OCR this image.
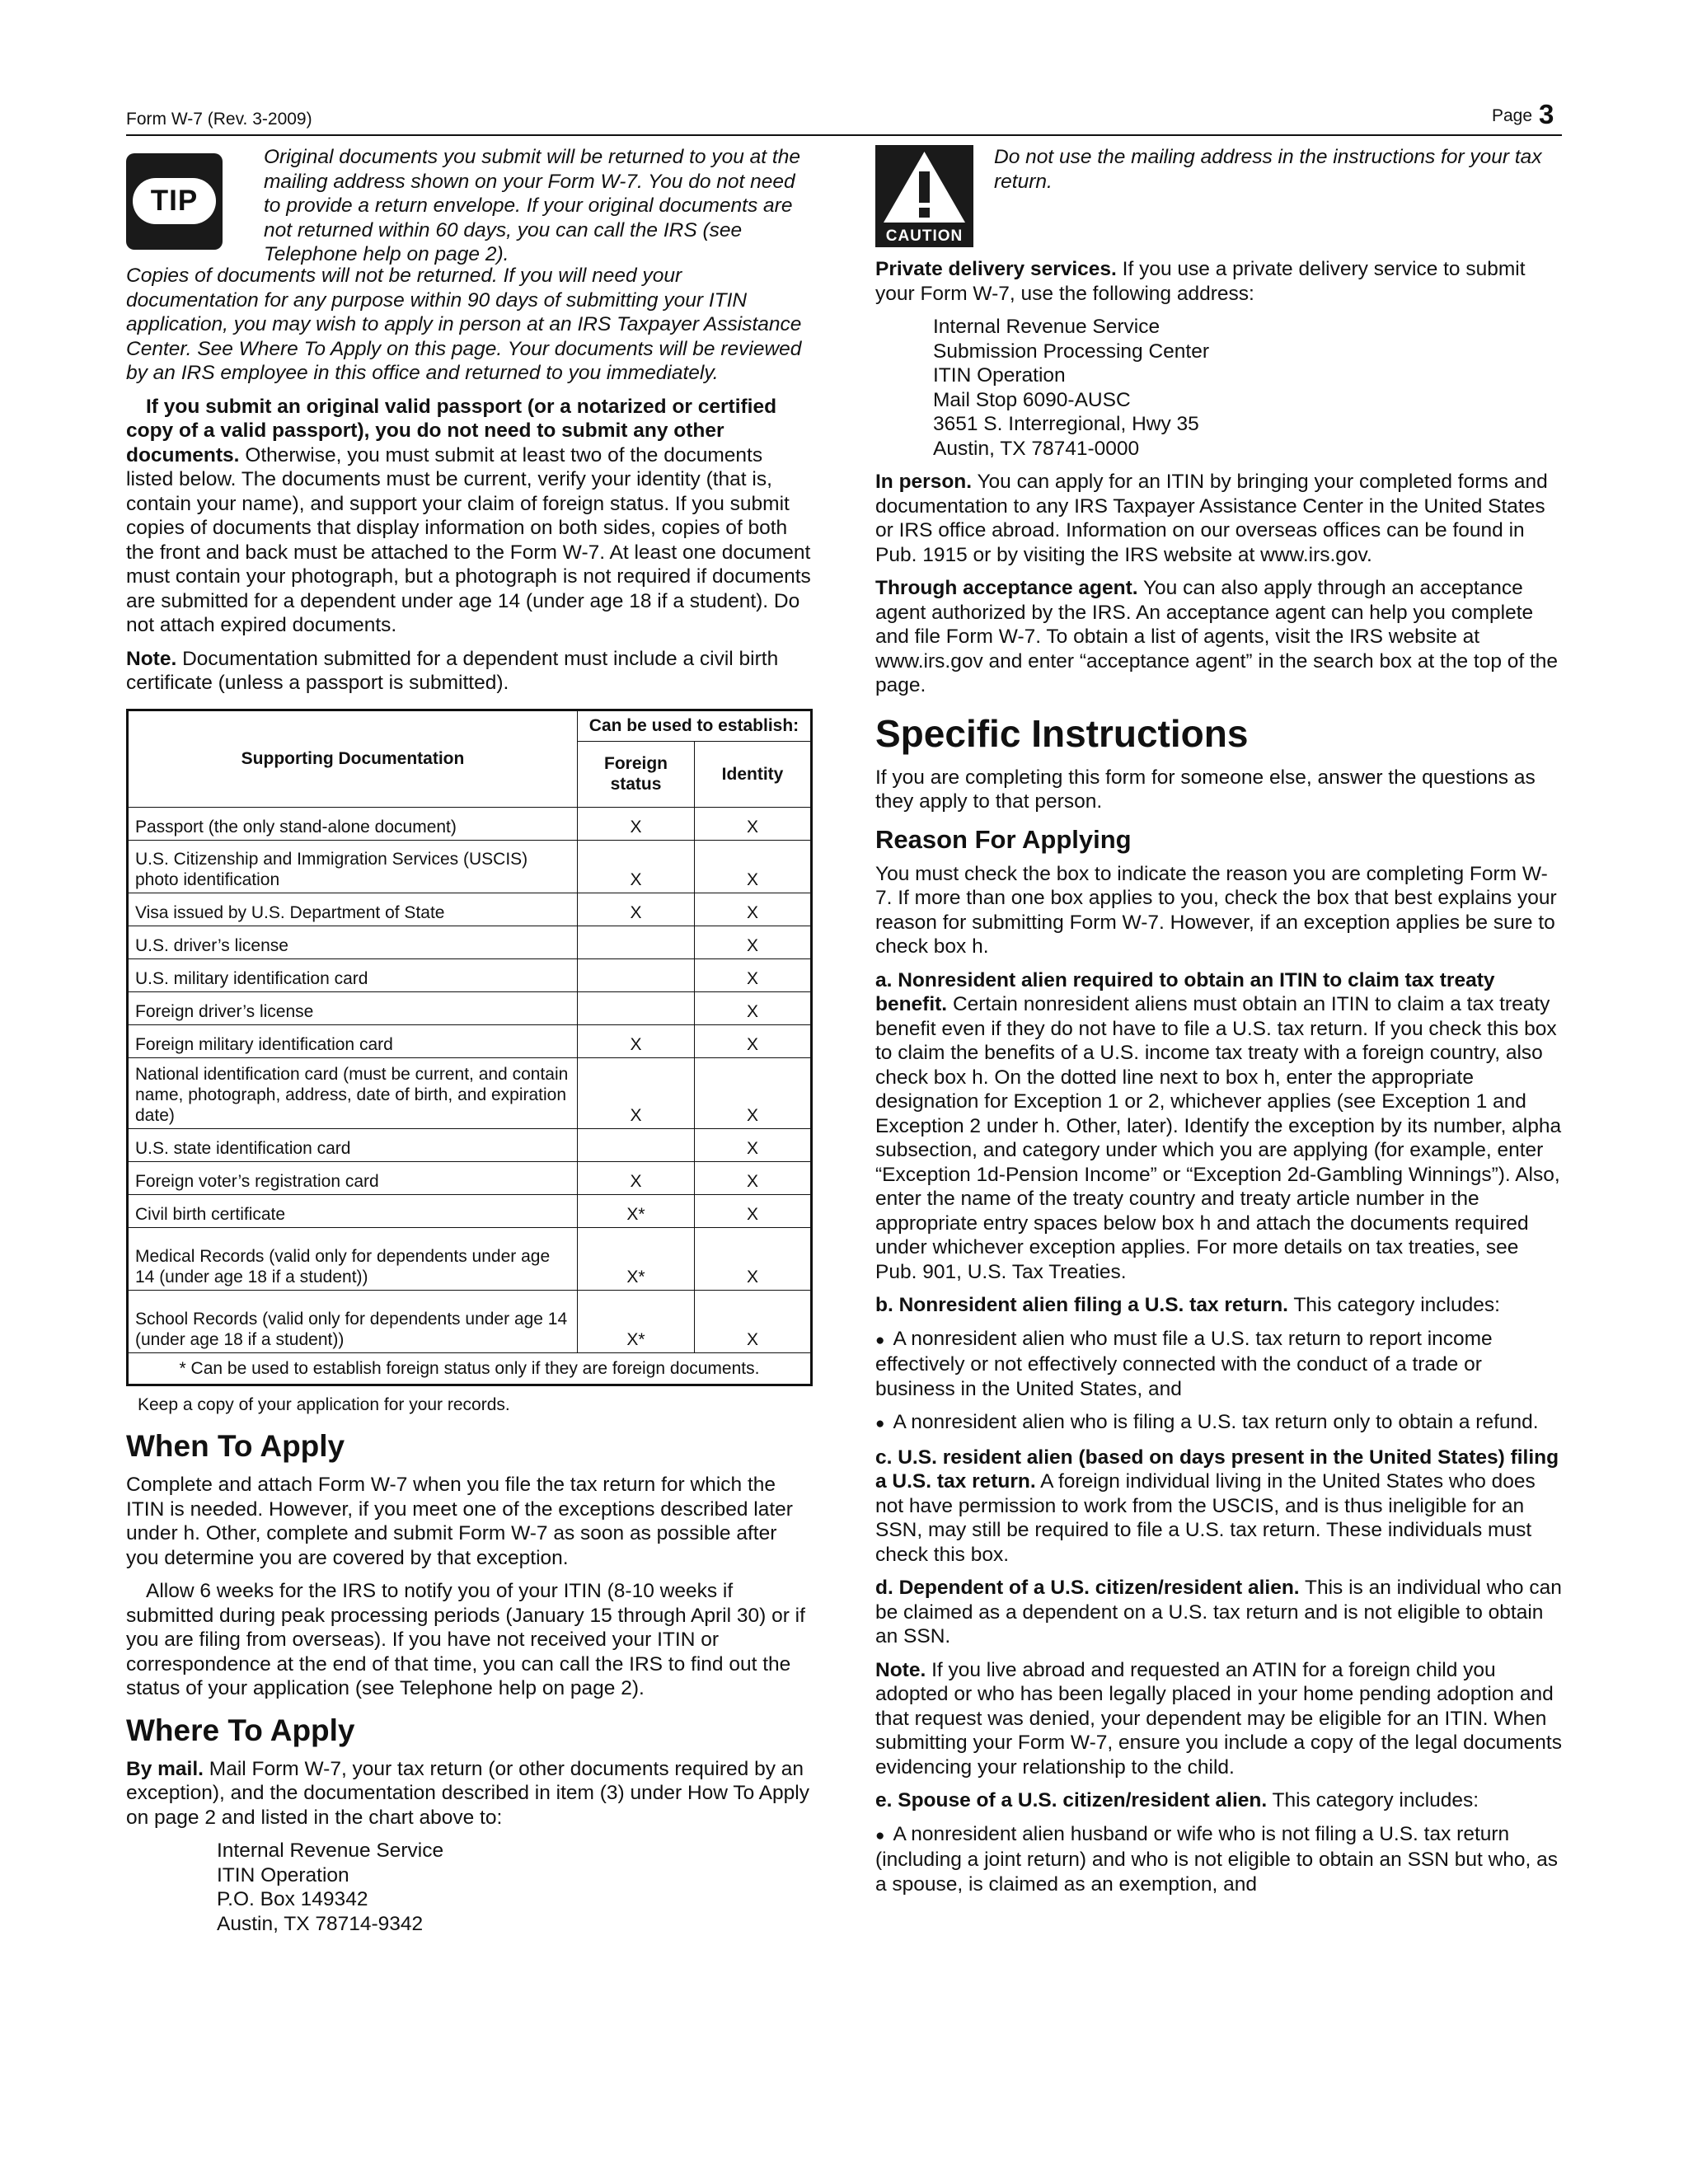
Form W-7 (Rev. 3-2009)	Page 3
TIP

Original documents you submit will be returned to you at the mailing address shown on your Form W-7. You do not need to provide a return envelope. If your original documents are not returned within 60 days, you can call the IRS (see Telephone help on page 2).

Copies of documents will not be returned. If you will need your documentation for any purpose within 90 days of submitting your ITIN application, you may wish to apply in person at an IRS Taxpayer Assistance Center. See Where To Apply on this page. Your documents will be reviewed by an IRS employee in this office and returned to you immediately.

If you submit an original valid passport (or a notarized or certified copy of a valid passport), you do not need to submit any other documents. Otherwise, you must submit at least two of the documents listed below. The documents must be current, verify your identity (that is, contain your name), and support your claim of foreign status. If you submit copies of documents that display information on both sides, copies of both the front and back must be attached to the Form W-7. At least one document must contain your photograph, but a photograph is not required if documents are submitted for a dependent under age 14 (under age 18 if a student). Do not attach expired documents.

Note. Documentation submitted for a dependent must include a civil birth certificate (unless a passport is submitted).

Supporting Documentation	Can be used to establish:	
	Foreign status	Identity
Passport (the only stand-alone document)	X	X
U.S. Citizenship and Immigration Services (USCIS) photo identification	X	X
Visa issued by U.S. Department of State	X	X
U.S. driver’s license		X
U.S. military identification card		X
Foreign driver’s license		X
Foreign military identification card	X	X
National identification card (must be current, and contain name, photograph, address, date of birth, and expiration date)	X	X
U.S. state identification card		X
Foreign voter’s registration card	X	X
Civil birth certificate	X*	X
Medical Records (valid only for dependents under age 14 (under age 18 if a student))	X*	X
School Records (valid only for dependents under age 14 (under age 18 if a student))	X*	X
* Can be used to establish foreign status only if they are foreign documents.		

Keep a copy of your application for your records.

When To Apply

Complete and attach Form W-7 when you file the tax return for which the ITIN is needed. However, if you meet one of the exceptions described later under h. Other, complete and submit Form W-7 as soon as possible after you determine you are covered by that exception.

Allow 6 weeks for the IRS to notify you of your ITIN (8-10 weeks if submitted during peak processing periods (January 15 through April 30) or if you are filing from overseas). If you have not received your ITIN or correspondence at the end of that time, you can call the IRS to find out the status of your application (see Telephone help on page 2).

Where To Apply

By mail. Mail Form W-7, your tax return (or other documents required by an exception), and the documentation described in item (3) under How To Apply on page 2 and listed in the chart above to:

Internal Revenue Service
ITIN Operation
P.O. Box 149342
Austin, TX 78714-9342
CAUTION

Do not use the mailing address in the instructions for your tax return.

Private delivery services. If you use a private delivery service to submit your Form W-7, use the following address:

Internal Revenue Service
Submission Processing Center
ITIN Operation
Mail Stop 6090-AUSC
3651 S. Interregional, Hwy 35
Austin, TX 78741-0000

In person. You can apply for an ITIN by bringing your completed forms and documentation to any IRS Taxpayer Assistance Center in the United States or IRS office abroad. Information on our overseas offices can be found in Pub. 1915 or by visiting the IRS website at www.irs.gov.

Through acceptance agent. You can also apply through an acceptance agent authorized by the IRS. An acceptance agent can help you complete and file Form W-7. To obtain a list of agents, visit the IRS website at www.irs.gov and enter “acceptance agent” in the search box at the top of the page.

Specific Instructions

If you are completing this form for someone else, answer the questions as they apply to that person.

Reason For Applying

You must check the box to indicate the reason you are completing Form W-7. If more than one box applies to you, check the box that best explains your reason for submitting Form W-7. However, if an exception applies be sure to check box h.

a. Nonresident alien required to obtain an ITIN to claim tax treaty benefit. Certain nonresident aliens must obtain an ITIN to claim a tax treaty benefit even if they do not have to file a U.S. tax return. If you check this box to claim the benefits of a U.S. income tax treaty with a foreign country, also check box h. On the dotted line next to box h, enter the appropriate designation for Exception 1 or 2, whichever applies (see Exception 1 and Exception 2 under h. Other, later). Identify the exception by its number, alpha subsection, and category under which you are applying (for example, enter “Exception 1d-Pension Income” or “Exception 2d-Gambling Winnings”). Also, enter the name of the treaty country and treaty article number in the appropriate entry spaces below box h and attach the documents required under whichever exception applies. For more details on tax treaties, see Pub. 901, U.S. Tax Treaties.

b. Nonresident alien filing a U.S. tax return. This category includes:

● A nonresident alien who must file a U.S. tax return to report income effectively or not effectively connected with the conduct of a trade or business in the United States, and

● A nonresident alien who is filing a U.S. tax return only to obtain a refund.

c. U.S. resident alien (based on days present in the United States) filing a U.S. tax return. A foreign individual living in the United States who does not have permission to work from the USCIS, and is thus ineligible for an SSN, may still be required to file a U.S. tax return. These individuals must check this box.

d. Dependent of a U.S. citizen/resident alien. This is an individual who can be claimed as a dependent on a U.S. tax return and is not eligible to obtain an SSN.

Note. If you live abroad and requested an ATIN for a foreign child you adopted or who has been legally placed in your home pending adoption and that request was denied, your dependent may be eligible for an ITIN. When submitting your Form W-7, ensure you include a copy of the legal documents evidencing your relationship to the child.

e. Spouse of a U.S. citizen/resident alien. This category includes:

● A nonresident alien husband or wife who is not filing a U.S. tax return (including a joint return) and who is not eligible to obtain an SSN but who, as a spouse, is claimed as an exemption, and
